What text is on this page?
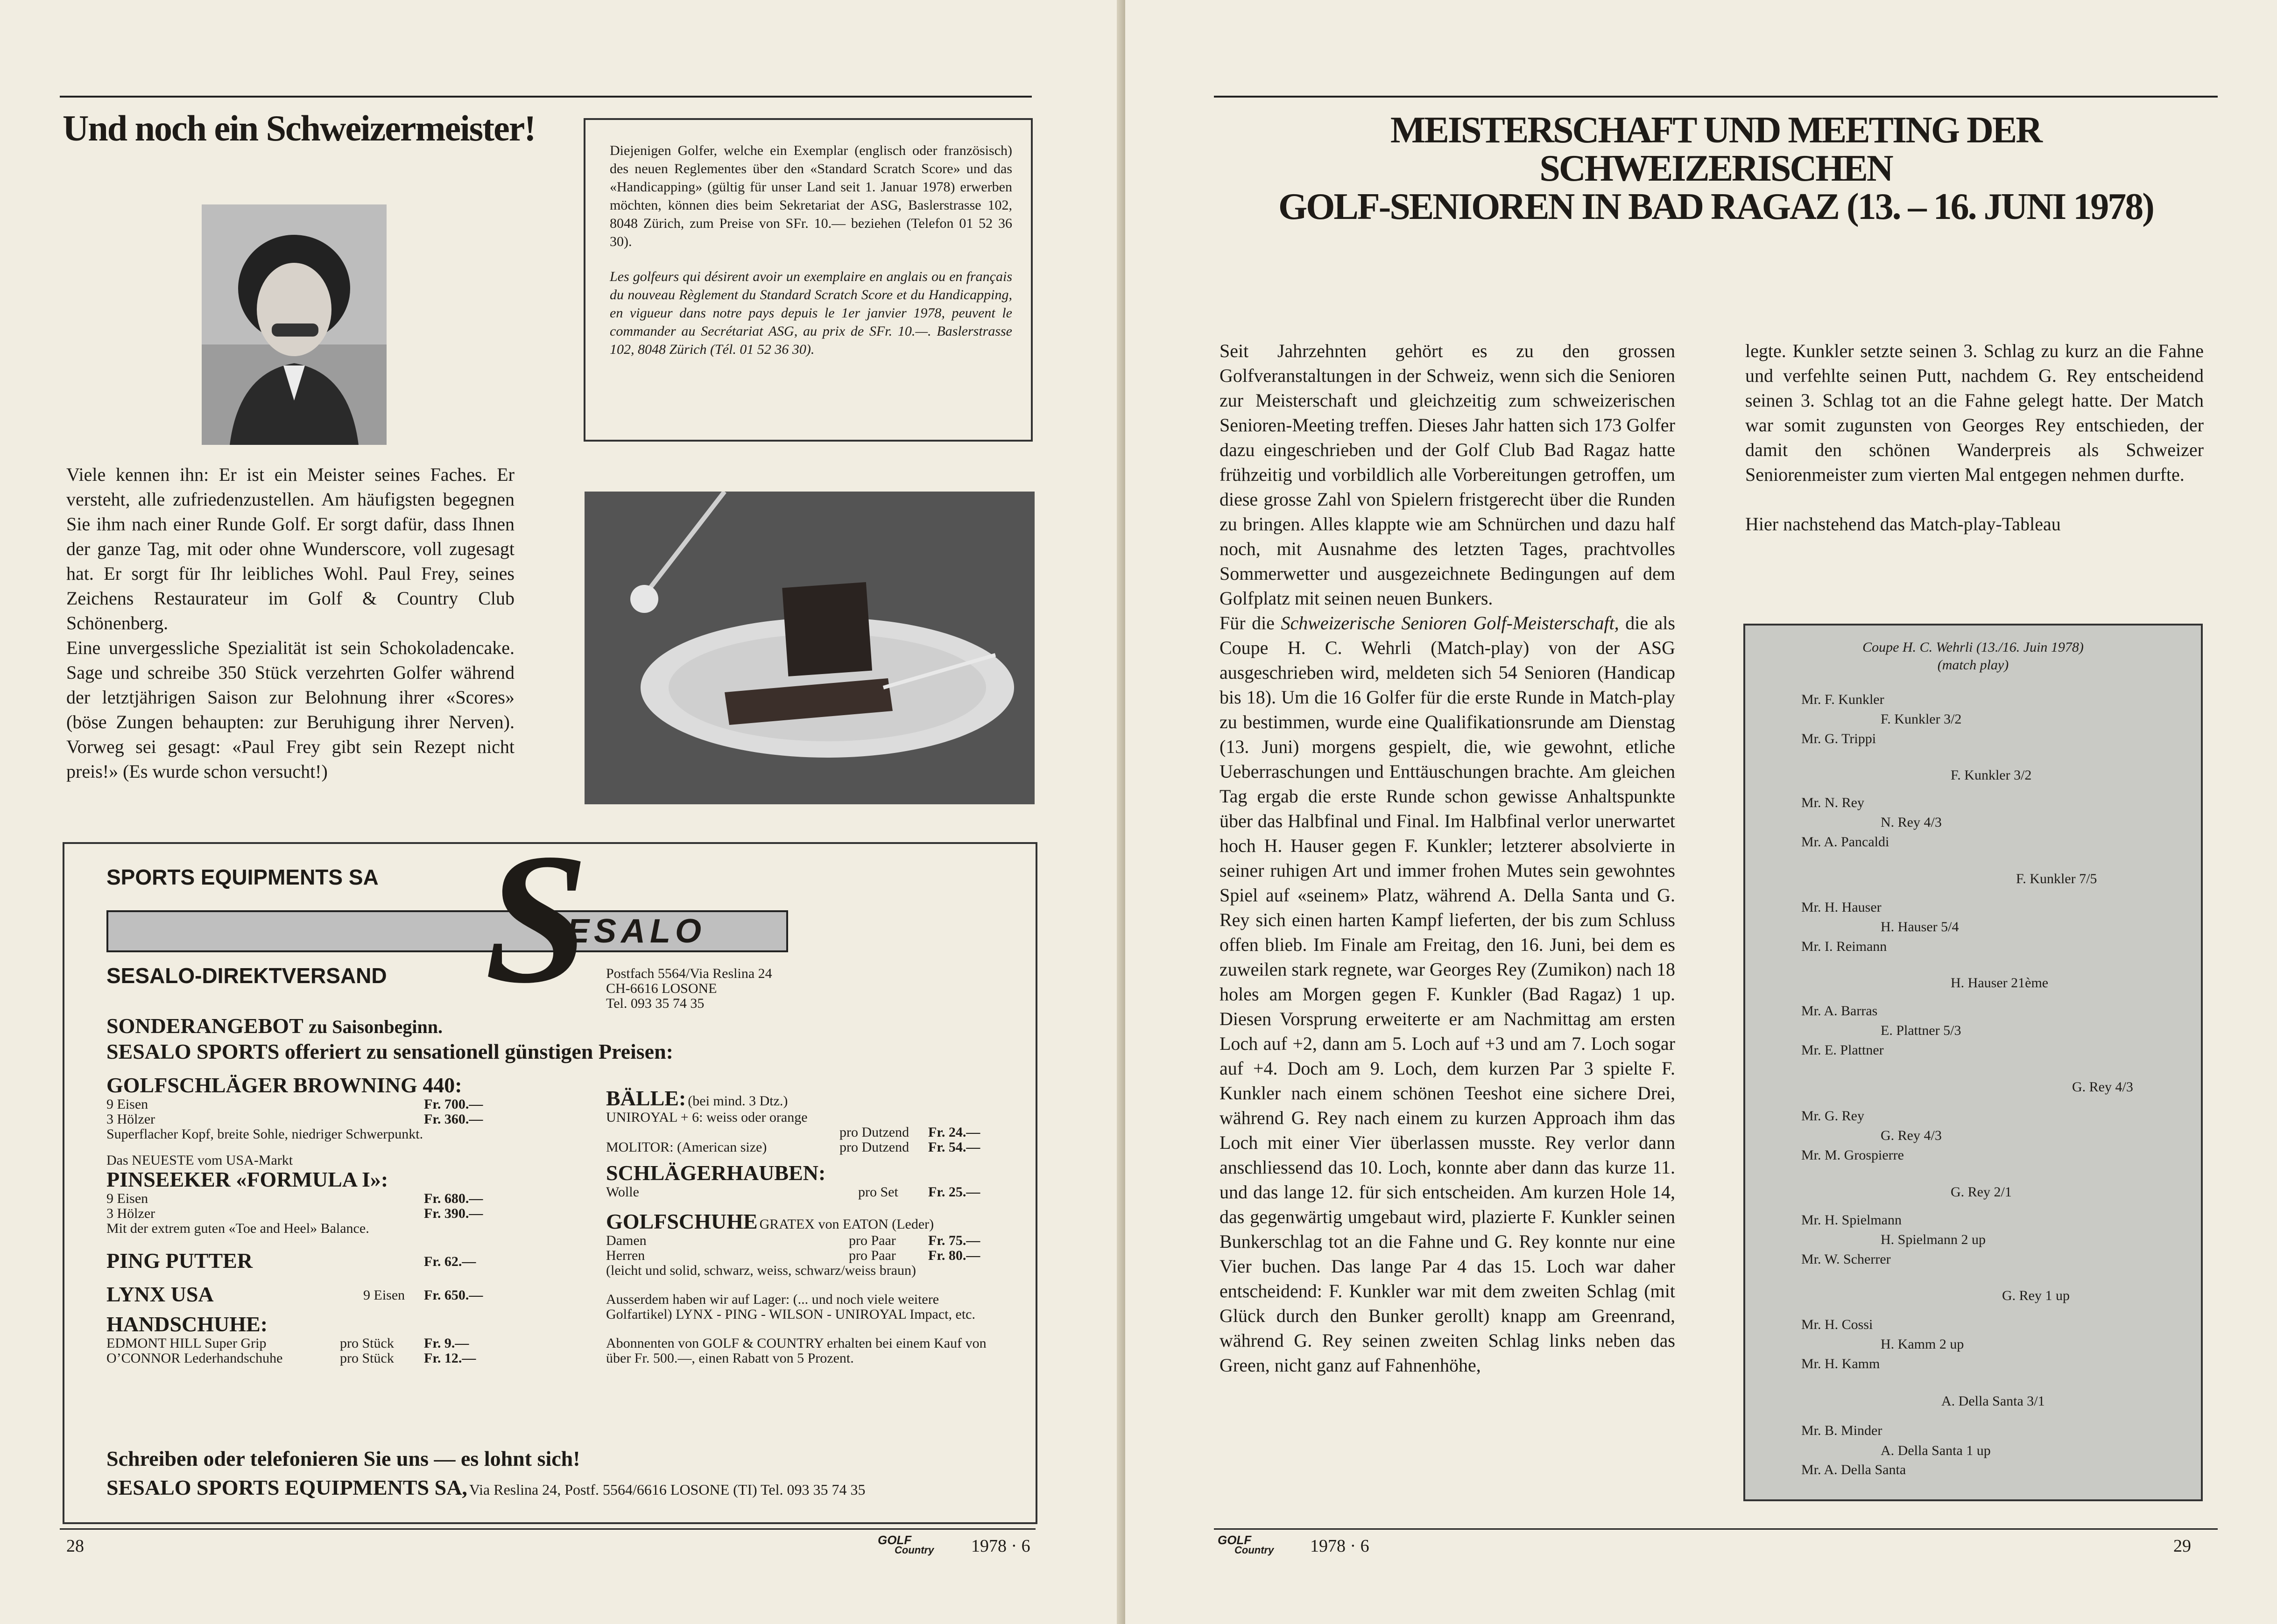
Und noch ein Schweizermeister!

Diejenigen Golfer, welche ein Exemplar (englisch oder französisch) des neuen Reglementes über den «Standard Scratch Score» und das «Handicapping» (gültig für unser Land seit 1. Januar 1978) erwerben möchten, können dies beim Sekretariat der ASG, Baslerstrasse 102, 8048 Zürich, zum Preise von SFr. 10.— beziehen (Telefon 01 52 36 30).

Les golfeurs qui désirent avoir un exemplaire en anglais ou en français du nouveau Règlement du Standard Scratch Score et du Handicapping, en vigueur dans notre pays depuis le 1er janvier 1978, peuvent le commander au Secrétariat ASG, au prix de SFr. 10.—. Baslerstrasse 102, 8048 Zürich (Tél. 01 52 36 30).

Viele kennen ihn: Er ist ein Meister seines Faches. Er versteht, alle zufriedenzustellen. Am häufigsten begegnen Sie ihm nach einer Runde Golf. Er sorgt dafür, dass Ihnen der ganze Tag, mit oder ohne Wunderscore, voll zugesagt hat. Er sorgt für Ihr leibliches Wohl. Paul Frey, seines Zeichens Restaurateur im Golf & Country Club Schönenberg.

Eine unvergessliche Spezialität ist sein Schokoladencake. Sage und schreibe 350 Stück verzehrten Golfer während der letztjährigen Saison zur Belohnung ihrer «Scores» (böse Zungen behaupten: zur Beruhigung ihrer Nerven). Vorweg sei gesagt: «Paul Frey gibt sein Rezept nicht preis!» (Es wurde schon versucht!)

SPORTS EQUIPMENTS SA
ESALO
S
SESALO-DIREKTVERSAND	Postfach 5564/Via Reslina 24
CH-6616 LOSONE
Tel. 093 35 74 35
SONDERANGEBOT zu Saisonbeginn.
SESALO SPORTS offeriert zu sensationell günstigen Preisen:
GOLFSCHLÄGER BROWNING 440:
9 Eisen	Fr. 700.—
3 Hölzer	Fr. 360.—
Superflacher Kopf, breite Sohle, niedriger Schwerpunkt.
Das NEUESTE vom USA-Markt
PINSEEKER «FORMULA I»:
9 Eisen	Fr. 680.—
3 Hölzer	Fr. 390.—
Mit der extrem guten «Toe and Heel» Balance.
PING PUTTER	Fr. 62.—
LYNX USA	9 Eisen Fr. 650.—
HANDSCHUHE:
EDMONT HILL Super Grip	pro Stück Fr. 9.—
O’CONNOR Lederhandschuhe	pro Stück Fr. 12.—
BÄLLE: (bei mind. 3 Dtz.)
UNIROYAL + 6: weiss oder orange
pro Dutzend Fr. 24.—
MOLITOR: (American size)	pro Dutzend Fr. 54.—
SCHLÄGERHAUBEN:
Wolle	pro Set Fr. 25.—
GOLFSCHUHE GRATEX von EATON (Leder)
Damen	pro Paar Fr. 75.—
Herren	pro Paar Fr. 80.—
(leicht und solid, schwarz, weiss, schwarz/weiss braun)
Ausserdem haben wir auf Lager: (... und noch viele weitere Golfartikel) LYNX - PING - WILSON - UNIROYAL Impact, etc.
Abonnenten von GOLF & COUNTRY erhalten bei einem Kauf von über Fr. 500.—, einen Rabatt von 5 Prozent.
Schreiben oder telefonieren Sie uns — es lohnt sich!
SESALO SPORTS EQUIPMENTS SA, Via Reslina 24, Postf. 5564/6616 LOSONE (TI) Tel. 093 35 74 35
28	GOLF
Country 1978 · 6
MEISTERSCHAFT UND MEETING DER SCHWEIZERISCHEN
GOLF-SENIOREN IN BAD RAGAZ (13. – 16. JUNI 1978)

Seit Jahrzehnten gehört es zu den grossen Golfveranstaltungen in der Schweiz, wenn sich die Senioren zur Meisterschaft und gleichzeitig zum schweizerischen Senioren-Meeting treffen. Dieses Jahr hatten sich 173 Golfer dazu eingeschrieben und der Golf Club Bad Ragaz hatte frühzeitig und vorbildlich alle Vorbereitungen getroffen, um diese grosse Zahl von Spielern fristgerecht über die Runden zu bringen. Alles klappte wie am Schnürchen und dazu half noch, mit Ausnahme des letzten Tages, prachtvolles Sommerwetter und ausgezeichnete Bedingungen auf dem Golfplatz mit seinen neuen Bunkers.

Für die Schweizerische Senioren Golf-Meisterschaft, die als Coupe H. C. Wehrli (Match-play) von der ASG ausgeschrieben wird, meldeten sich 54 Senioren (Handicap bis 18). Um die 16 Golfer für die erste Runde in Match-play zu bestimmen, wurde eine Qualifikationsrunde am Dienstag (13. Juni) morgens gespielt, die, wie gewohnt, etliche Ueberraschungen und Enttäuschungen brachte. Am gleichen Tag ergab die erste Runde schon gewisse Anhaltspunkte über das Halbfinal und Final. Im Halbfinal verlor unerwartet hoch H. Hauser gegen F. Kunkler; letzterer absolvierte in seiner ruhigen Art und immer frohen Mutes sein gewohntes Spiel auf «seinem» Platz, während A. Della Santa und G. Rey sich einen harten Kampf lieferten, der bis zum Schluss offen blieb. Im Finale am Freitag, den 16. Juni, bei dem es zuweilen stark regnete, war Georges Rey (Zumikon) nach 18 holes am Morgen gegen F. Kunkler (Bad Ragaz) 1 up. Diesen Vorsprung erweiterte er am Nachmittag am ersten Loch auf +2, dann am 5. Loch auf +3 und am 7. Loch sogar auf +4. Doch am 9. Loch, dem kurzen Par 3 spielte F. Kunkler nach einem schönen Teeshot eine sichere Drei, während G. Rey nach einem zu kurzen Approach ihm das Loch mit einer Vier überlassen musste. Rey verlor dann anschliessend das 10. Loch, konnte aber dann das kurze 11. und das lange 12. für sich entscheiden. Am kurzen Hole 14, das gegenwärtig umgebaut wird, plazierte F. Kunkler seinen Bunkerschlag tot an die Fahne und G. Rey konnte nur eine Vier buchen. Das lange Par 4 das 15. Loch war daher entscheidend: F. Kunkler war mit dem zweiten Schlag (mit Glück durch den Bunker gerollt) knapp am Greenrand, während G. Rey seinen zweiten Schlag links neben das Green, nicht ganz auf Fahnenhöhe,

legte. Kunkler setzte seinen 3. Schlag zu kurz an die Fahne und verfehlte seinen Putt, nachdem G. Rey entscheidend seinen 3. Schlag tot an die Fahne gelegt hatte. Der Match war somit zugunsten von Georges Rey entschieden, der damit den schönen Wanderpreis als Schweizer Seniorenmeister zum vierten Mal entgegen nehmen durfte.

Hier nachstehend das Match-play-Tableau

Coupe H. C. Wehrli (13./16. Juin 1978)
(match play)
Mr. F. Kunkler
F. Kunkler 3/2
Mr. G. Trippi
F. Kunkler 3/2
Mr. N. Rey
N. Rey 4/3
Mr. A. Pancaldi
F. Kunkler 7/5
Mr. H. Hauser
H. Hauser 5/4
Mr. I. Reimann
H. Hauser 21ème
Mr. A. Barras
E. Plattner 5/3
Mr. E. Plattner
G. Rey 4/3
Mr. G. Rey
G. Rey 4/3
Mr. M. Grospierre
G. Rey 2/1
Mr. H. Spielmann
H. Spielmann 2 up
Mr. W. Scherrer
G. Rey 1 up
Mr. H. Cossi
H. Kamm 2 up
Mr. H. Kamm
A. Della Santa 3/1
Mr. B. Minder
A. Della Santa 1 up
Mr. A. Della Santa
GOLF
Country 1978 · 6	29
